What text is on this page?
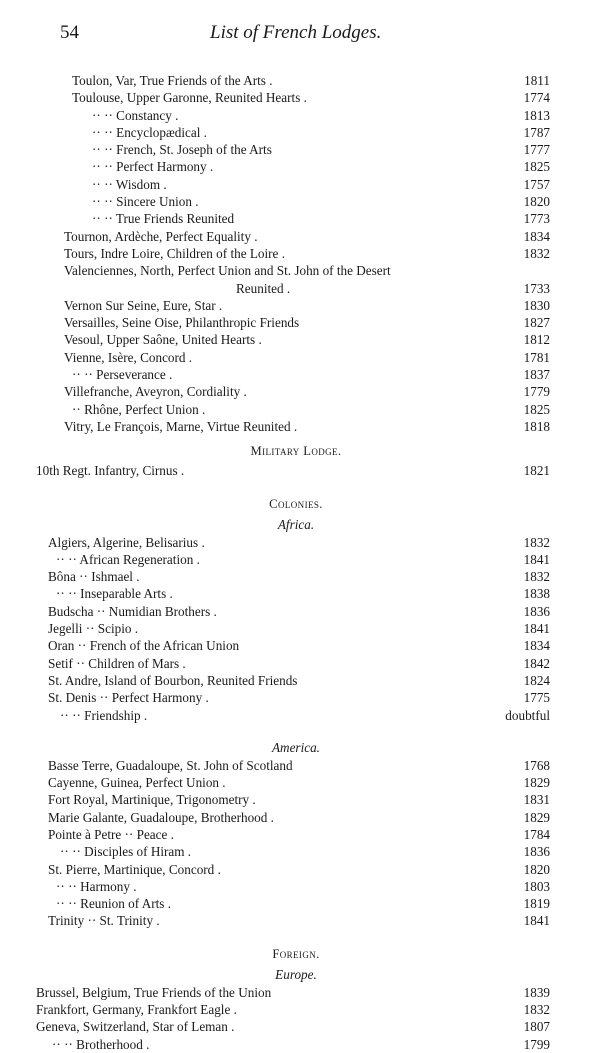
54	List of French Lodges.
Toulon, Var, True Friends of the Arts .	1811
Toulouse, Upper Garonne, Reunited Hearts .	1774
·· ·· Constancy .	1813
·· ·· Encyclopædical .	1787
·· ·· French, St. Joseph of the Arts	1777
·· ·· Perfect Harmony .	1825
·· ·· Wisdom .	1757
·· ·· Sincere Union .	1820
·· ·· True Friends Reunited	1773
Tournon, Ardèche, Perfect Equality .	1834
Tours, Indre Loire, Children of the Loire .	1832
Valenciennes, North, Perfect Union and St. John of the Desert
Reunited .	1733
Vernon Sur Seine, Eure, Star .	1830
Versailles, Seine Oise, Philanthropic Friends	1827
Vesoul, Upper Saône, United Hearts .	1812
Vienne, Isère, Concord .	1781
·· ·· Perseverance .	1837
Villefranche, Aveyron, Cordiality .	1779
·· Rhône, Perfect Union .	1825
Vitry, Le François, Marne, Virtue Reunited .	1818
Military Lodge.
10th Regt. Infantry, Cirnus .	1821
Colonies.
Africa.
Algiers, Algerine, Belisarius .	1832
·· ·· African Regeneration .	1841
Bôna ·· Ishmael .	1832
·· ·· Inseparable Arts .	1838
Budscha ·· Numidian Brothers .	1836
Jegelli ·· Scipio .	1841
Oran ·· French of the African Union	1834
Setif ·· Children of Mars .	1842
St. Andre, Island of Bourbon, Reunited Friends	1824
St. Denis ·· Perfect Harmony .	1775
·· ·· Friendship .	doubtful
America.
Basse Terre, Guadaloupe, St. John of Scotland	1768
Cayenne, Guinea, Perfect Union .	1829
Fort Royal, Martinique, Trigonometry .	1831
Marie Galante, Guadaloupe, Brotherhood .	1829
Pointe à Petre ·· Peace .	1784
·· ·· Disciples of Hiram .	1836
St. Pierre, Martinique, Concord .	1820
·· ·· Harmony .	1803
·· ·· Reunion of Arts .	1819
Trinity ·· St. Trinity .	1841
Foreign.
Europe.
Brussel, Belgium, True Friends of the Union	1839
Frankfort, Germany, Frankfort Eagle .	1832
Geneva, Switzerland, Star of Leman .	1807
·· ·· Brotherhood .	1799
